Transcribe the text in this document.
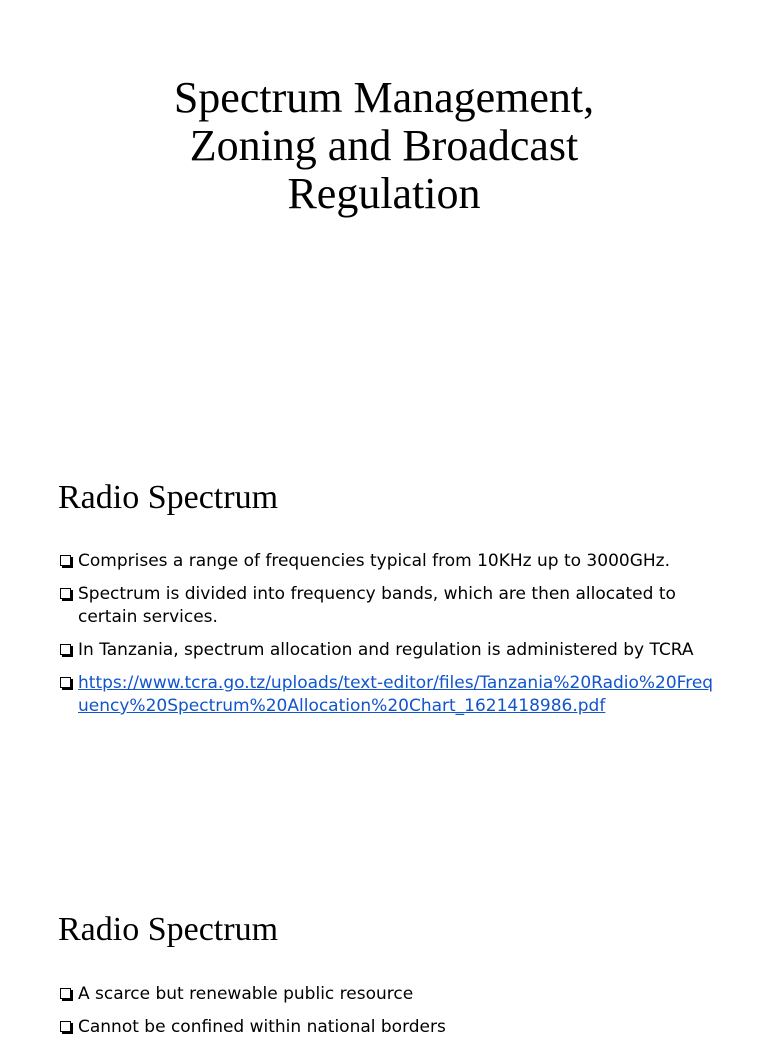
Spectrum Management,
Zoning and Broadcast
Regulation
Radio Spectrum
Comprises a range of frequencies typical from 10KHz up to 3000GHz.
Spectrum is divided into frequency bands, which are then allocated to certain services.
In Tanzania, spectrum allocation and regulation is administered by TCRA
https://www.tcra.go.tz/uploads/text-editor/files/Tanzania%20Radio%20Frequency%20Spectrum%20Allocation%20Chart_1621418986.pdf
Radio Spectrum
A scarce but renewable public resource
Cannot be confined within national borders
